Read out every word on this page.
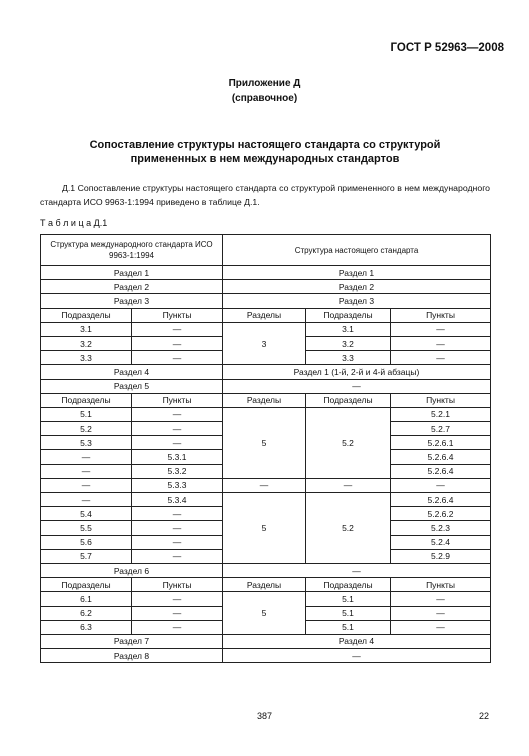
ГОСТ Р 52963—2008
Приложение Д
(справочное)
Сопоставление структуры настоящего стандарта со структурой
примененных в нем международных стандартов
Д.1 Сопоставление структуры настоящего стандарта со структурой примененного в нем международного стандарта ИСО 9963-1:1994 приведено в таблице Д.1.
Т а б л и ц а Д.1
Структура международного стандарта ИСО 9963-1:1994		Структура настоящего стандарта		
Раздел 1		Раздел 1		
Раздел 2		Раздел 2		
Раздел 3		Раздел 3		
Подразделы	Пункты	Разделы	Подразделы	Пункты
3.1	—	3	3.1	—
3.2	—		3.2	—
3.3	—		3.3	—
Раздел 4		Раздел 1 (1-й, 2-й и 4-й абзацы)		
Раздел 5		—		
Подразделы	Пункты	Разделы	Подразделы	Пункты
5.1	—	5	5.2	5.2.1
5.2	—			5.2.7
5.3	—			5.2.6.1
—	5.3.1			5.2.6.4
—	5.3.2			5.2.6.4
—	5.3.3	—	—	—
—	5.3.4	5	5.2	5.2.6.4
5.4	—			5.2.6.2
5.5	—			5.2.3
5.6	—			5.2.4
5.7	—			5.2.9
Раздел 6		—		
Подразделы	Пункты	Разделы	Подразделы	Пункты
6.1	—	5	5.1	—
6.2	—		5.1	—
6.3	—		5.1	—
Раздел 7		Раздел 4		
Раздел 8		—		
387	22
